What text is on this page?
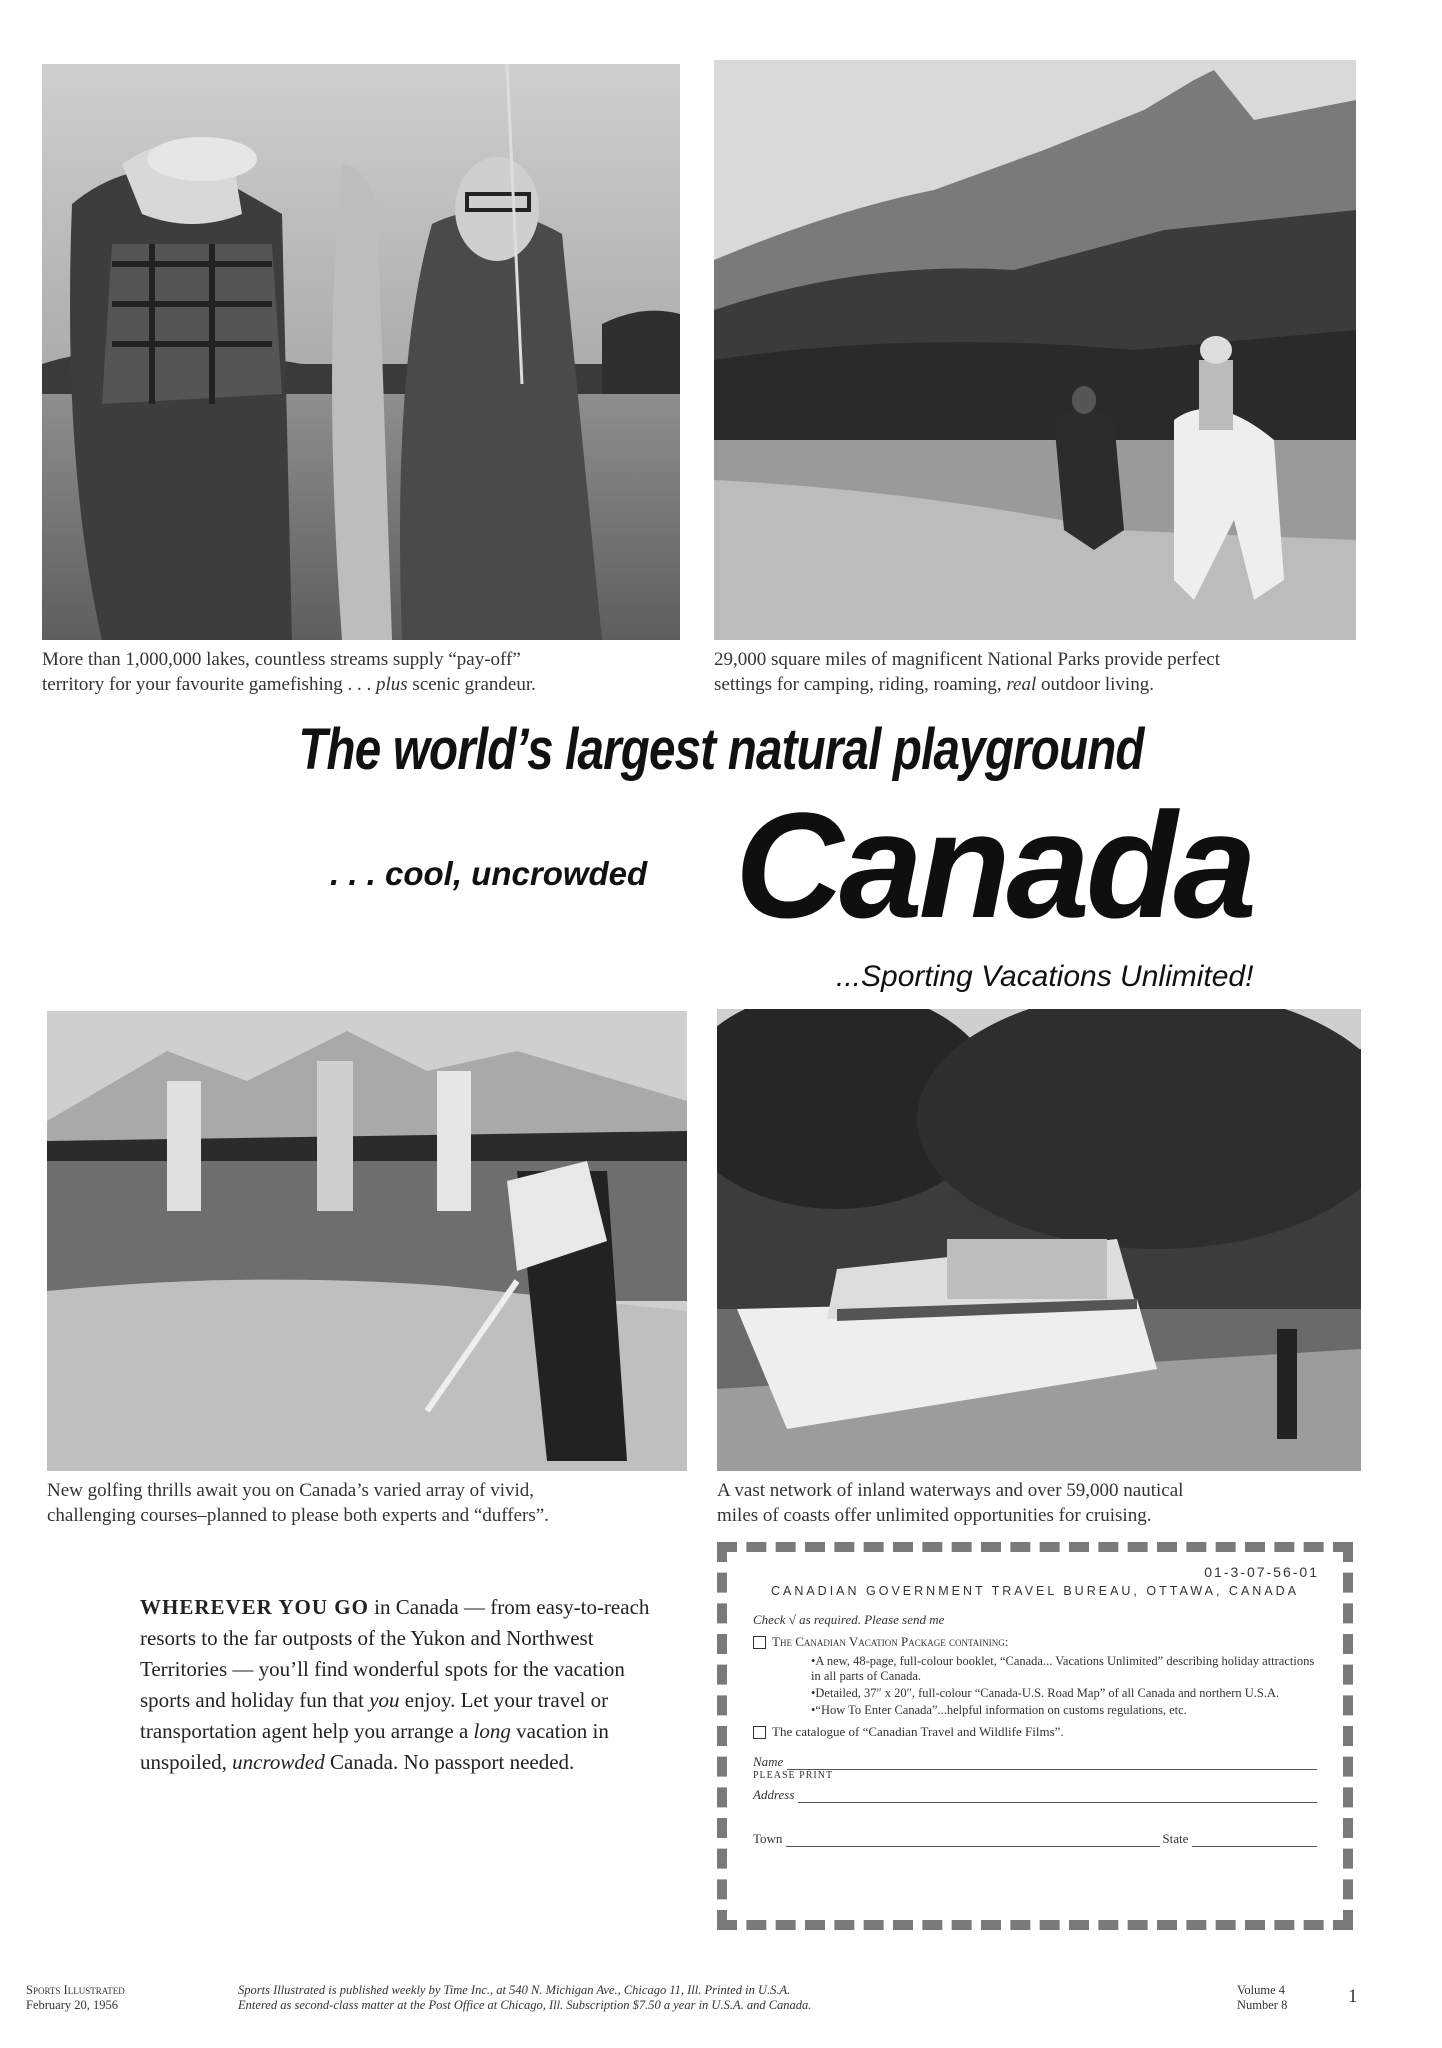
More than 1,000,000 lakes, countless streams supply “pay-off”
territory for your favourite gamefishing . . . plus scenic grandeur.
29,000 square miles of magnificent National Parks provide perfect
settings for camping, riding, roaming, real outdoor living.
The world’s largest natural playground
. . . cool, uncrowded Canada
...Sporting Vacations Unlimited!
New golfing thrills await you on Canada’s varied array of vivid,
challenging courses–planned to please both experts and “duffers”.
A vast network of inland waterways and over 59,000 nautical
miles of coasts offer unlimited opportunities for cruising.
WHEREVER YOU GO in Canada — from easy-to-reach resorts to the far outposts of the Yukon and Northwest Territories — you’ll find wonderful spots for the vacation sports and holiday fun that you enjoy. Let your travel or transportation agent help you arrange a long vacation in unspoiled, uncrowded Canada. No passport needed.
01-3-07-56-01
CANADIAN GOVERNMENT TRAVEL BUREAU, OTTAWA, CANADA
Check √ as required. Please send me
The Canadian Vacation Package containing:
• A new, 48-page, full-colour booklet, “Canada... Vacations Unlimited” describing holiday attractions in all parts of Canada.
• Detailed, 37″ x 20″, full-colour “Canada-U.S. Road Map” of all Canada and northern U.S.A.
• “How To Enter Canada”...helpful information on customs regulations, etc.
The catalogue of “Canadian Travel and Wildlife Films”.
Name
PLEASE PRINT
Address
Town	State
Sports Illustrated
February 20, 1956
Sports Illustrated is published weekly by Time Inc., at 540 N. Michigan Ave., Chicago 11, Ill. Printed in U.S.A.
Entered as second-class matter at the Post Office at Chicago, Ill. Subscription $7.50 a year in U.S.A. and Canada.
Volume 4
Number 8	1
